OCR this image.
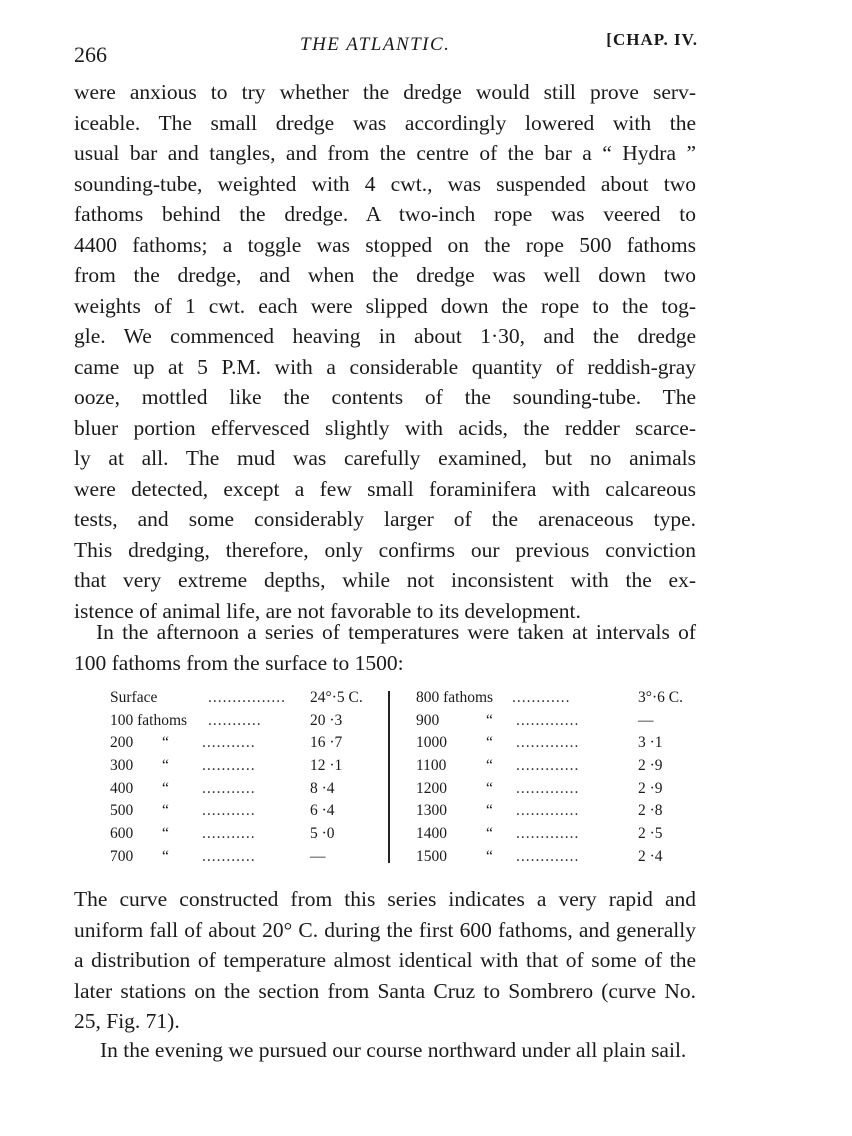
266	THE ATLANTIC.	[CHAP. IV.
were anxious to try whether the dredge would still prove serv-
iceable. The small dredge was accordingly lowered with the
usual bar and tangles, and from the centre of the bar a “ Hydra ”
sounding-tube, weighted with 4 cwt., was suspended about two
fathoms behind the dredge. A two-inch rope was veered to
4400 fathoms; a toggle was stopped on the rope 500 fathoms
from the dredge, and when the dredge was well down two
weights of 1 cwt. each were slipped down the rope to the tog-
gle. We commenced heaving in about 1·30, and the dredge
came up at 5 P.M. with a considerable quantity of reddish-gray
ooze, mottled like the contents of the sounding-tube. The
bluer portion effervesced slightly with acids, the redder scarce-
ly at all. The mud was carefully examined, but no animals
were detected, except a few small foraminifera with calcareous
tests, and some considerably larger of the arenaceous type.
This dredging, therefore, only confirms our previous conviction
that very extreme depths, while not inconsistent with the ex-
istence of animal life, are not favorable to its development.
In the afternoon a series of temperatures were taken at intervals of 100 fathoms from the surface to 1500:
Surface	................ 24°·5 C.
100 fathoms ...........	20 ·3
200 “ ...........	16 ·7
300 “ ...........	12 ·1
400 “ ...........	8 ·4
500 “ ...........	6 ·4
600 “ ...........	5 ·0
700 “ ...........	—
800 fathoms ............	3°·6 C.
900	“ .............	—
1000	“ .............	3 ·1
1100	“ .............	2 ·9
1200	“ .............	2 ·9
1300	“ .............	2 ·8
1400	“ .............	2 ·5
1500	“ .............	2 ·4
The curve constructed from this series indicates a very rapid and uniform fall of about 20° C. during the first 600 fathoms, and generally a distribution of temperature almost identical with that of some of the later stations on the section from Santa Cruz to Sombrero (curve No. 25, Fig. 71).
In the evening we pursued our course northward under all plain sail.
